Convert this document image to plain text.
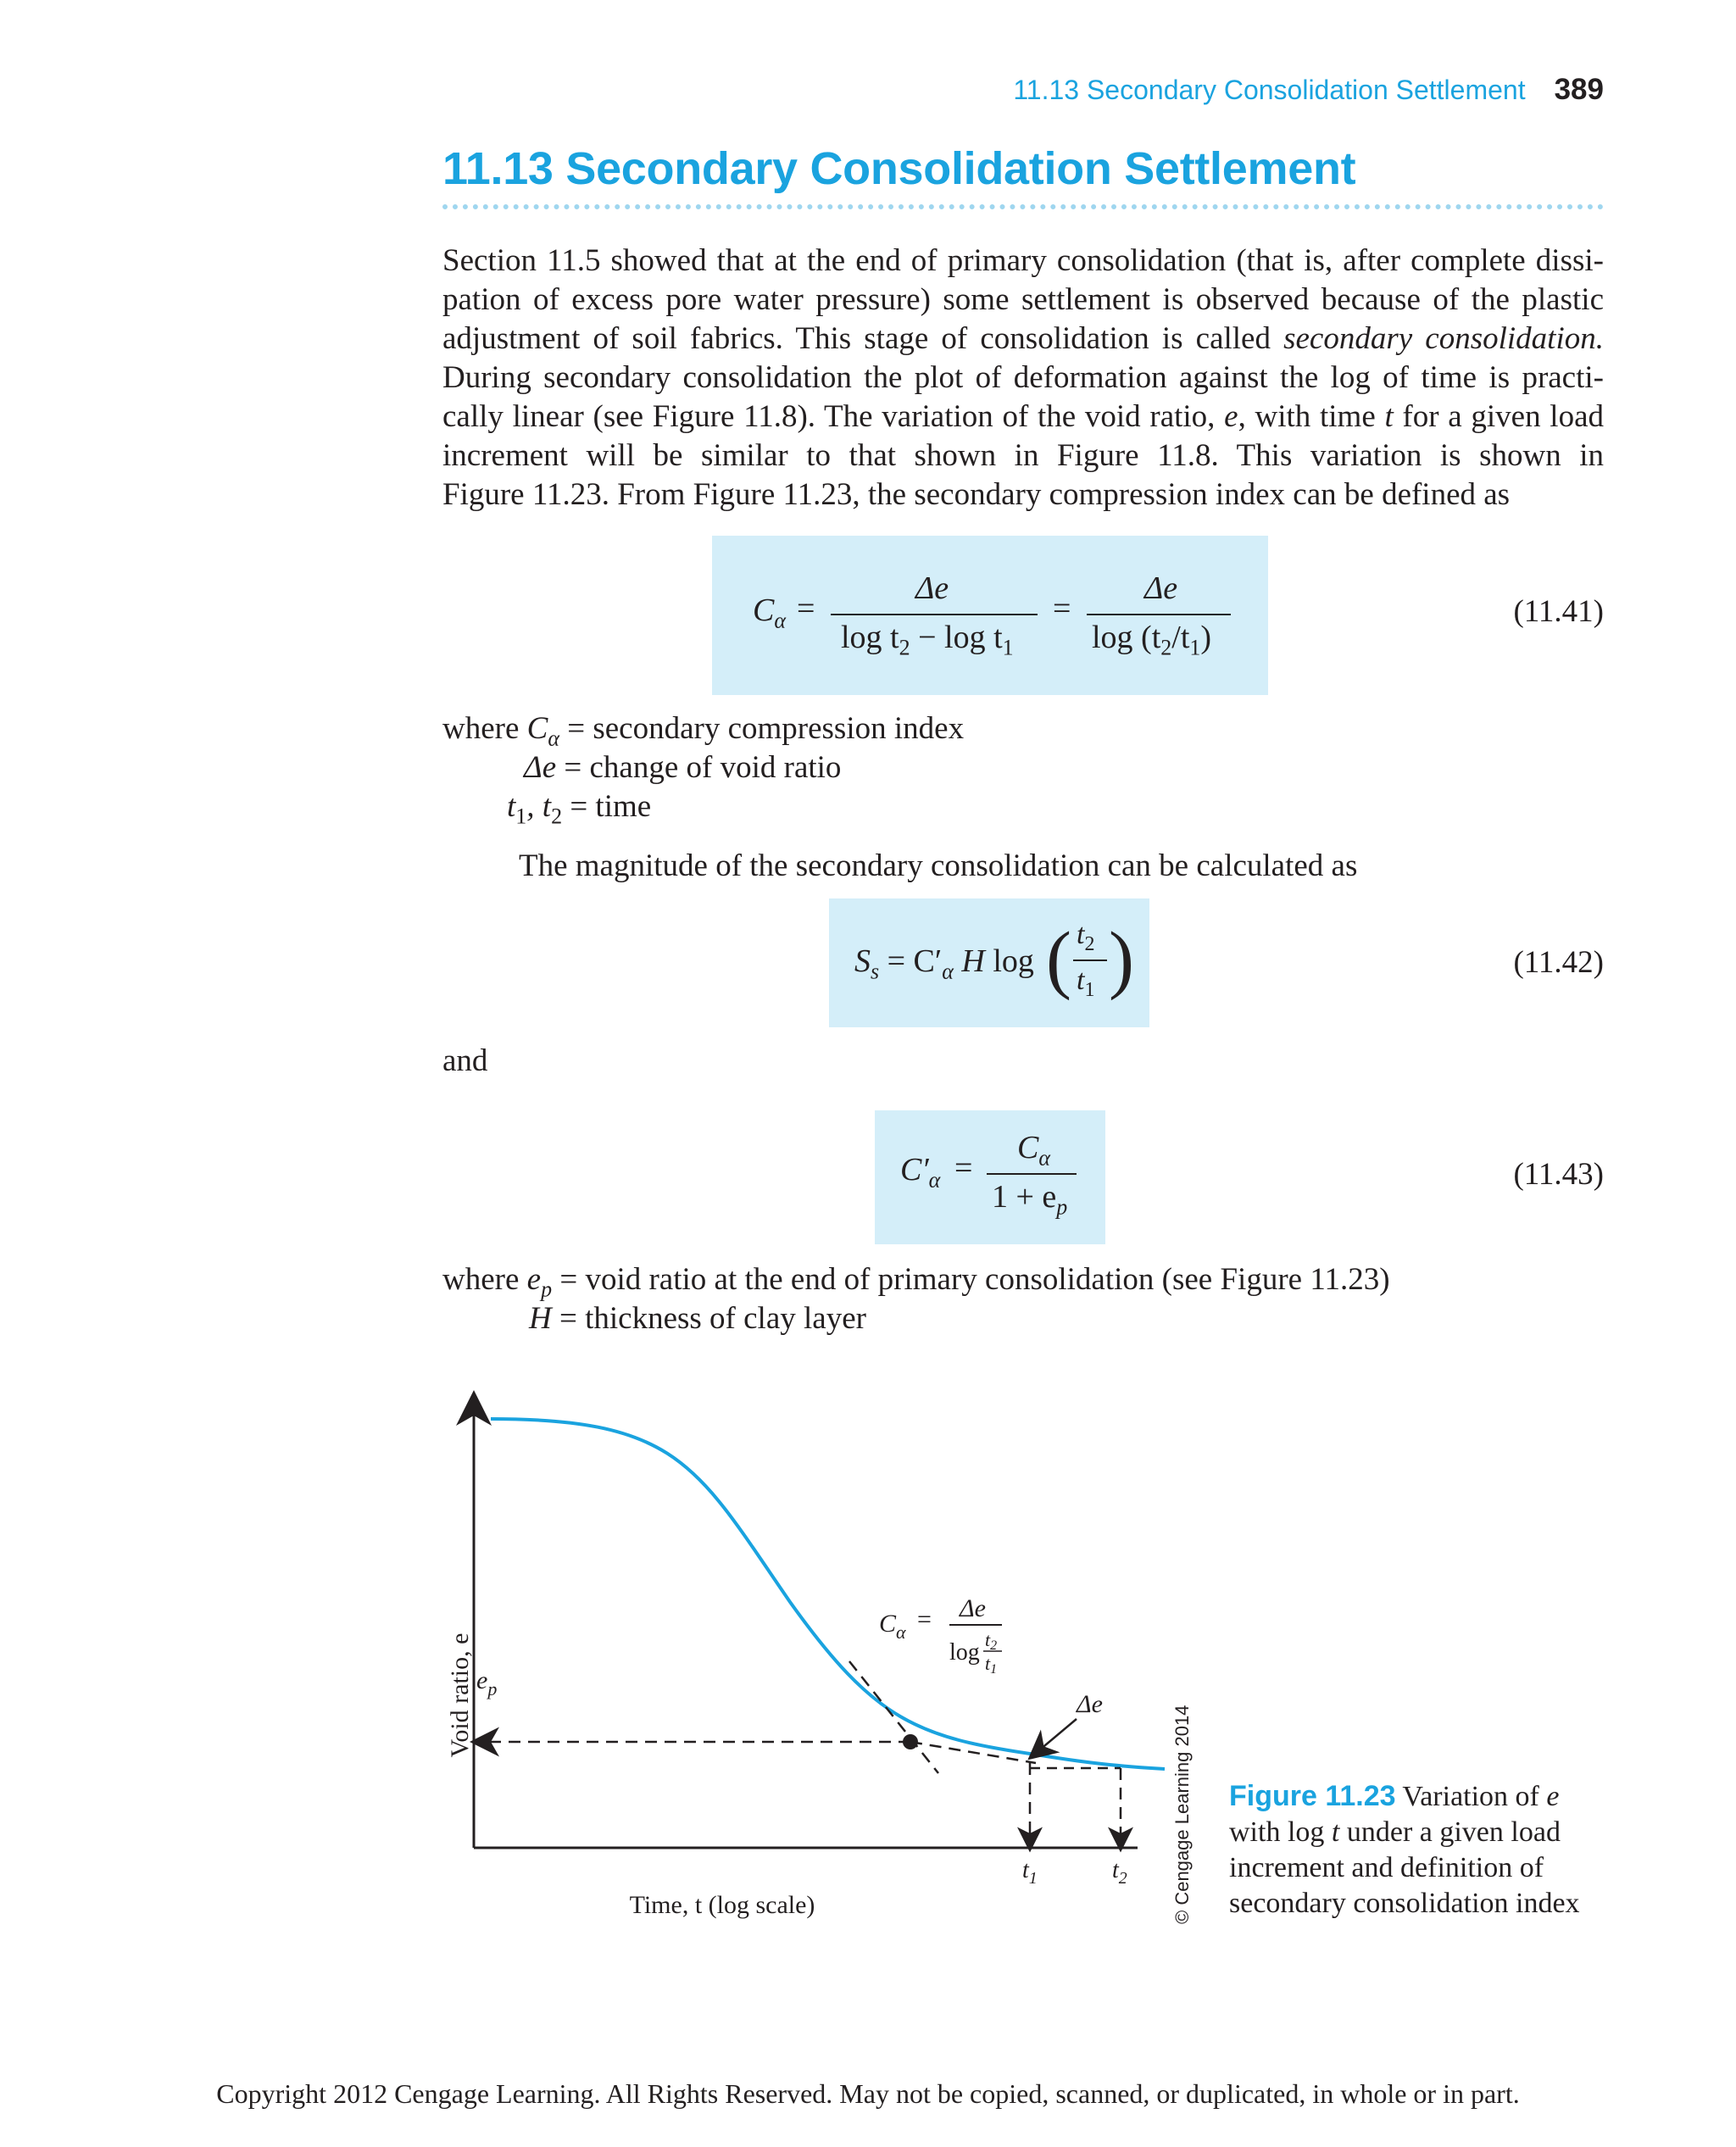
11.13 Secondary Consolidation Settlement 389
11.13 Secondary Consolidation Settlement
Section 11.5 showed that at the end of primary consolidation (that is, after complete dissi-
pation of excess pore water pressure) some settlement is observed because of the plastic
adjustment of soil fabrics. This stage of consolidation is called secondary consolidation.
During secondary consolidation the plot of deformation against the log of time is practi-
cally linear (see Figure 11.8). The variation of the void ratio, e, with time t for a given load
increment will be similar to that shown in Figure 11.8. This variation is shown in
Figure 11.23. From Figure 11.23, the secondary compression index can be defined as
$C_\alpha$ =
Δe
$\log t_2 - \log t_1$
=
Δe
$\log (t_2/t_1)$
(11.41)
where $C_\alpha$ = secondary compression index
Δe = change of void ratio
$t_1$, $t_2$ = time
The magnitude of the secondary consolidation can be calculated as
$S_s = C'_\alpha$ H log ( $t_2$
$t_1$ )	(11.42)
and
$C'_\alpha$ =
$C_\alpha$
$1 + e_p$
(11.43)
where $e_p$ = void ratio at the end of primary consolidation (see Figure 11.23)
H = thickness of clay layer
Void ratio, e
Time, t (log scale)
$e_p$
$C_\alpha = \Delta e$
log t2
t1
Δe
$t_1$	$t_2$ © Cengage Learning 2014 Figure 11.23 Variation of e with log t under a given load increment and definition of secondary consolidation index
Copyright 2012 Cengage Learning. All Rights Reserved. May not be copied, scanned, or duplicated, in whole or in part.
